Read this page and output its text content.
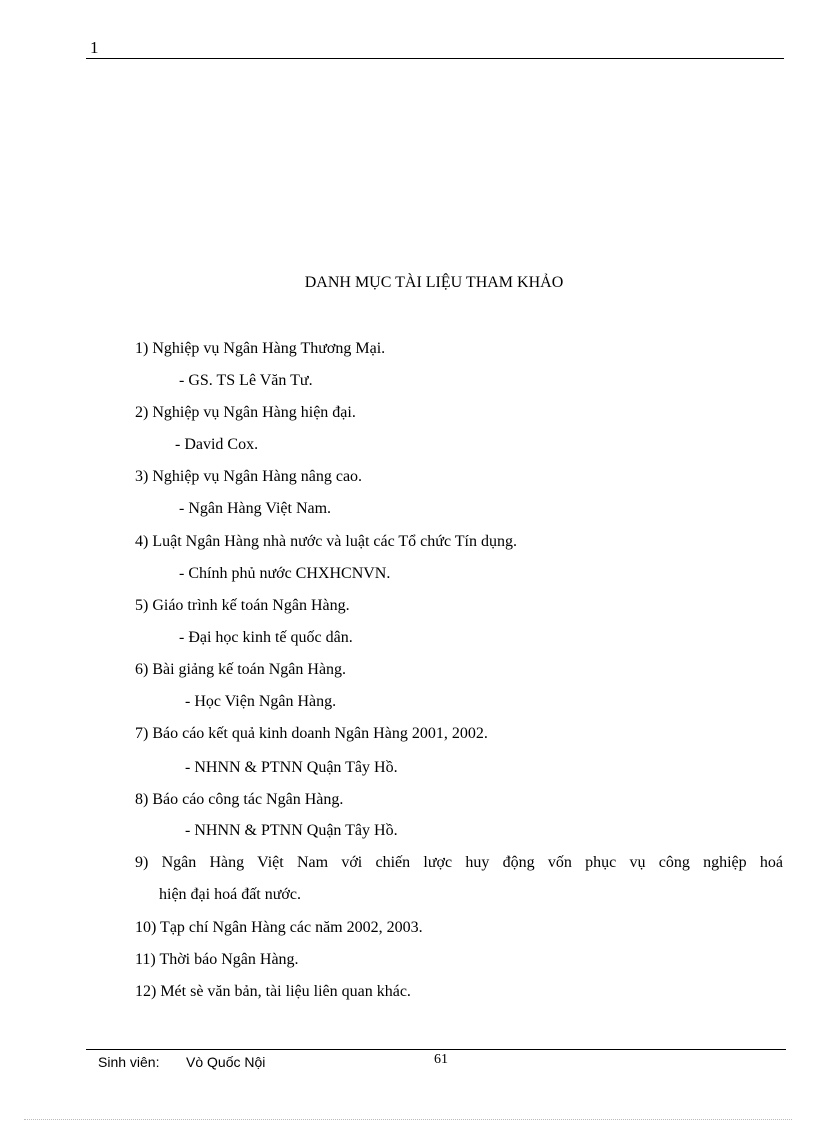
1
DANH MỤC TÀI LIỆU THAM KHẢO
1) Nghiệp vụ Ngân Hàng Thương Mại.
- GS. TS Lê Văn Tư.
2) Nghiệp vụ Ngân Hàng hiện đại.
- David Cox.
3) Nghiệp vụ Ngân Hàng nâng cao.
- Ngân Hàng Việt Nam.
4) Luật Ngân Hàng nhà nước và luật các Tổ chức Tín dụng.
- Chính phủ nước CHXHCNVN.
5) Giáo trình kế toán Ngân Hàng.
- Đại học kinh tế quốc dân.
6) Bài giảng kế toán Ngân Hàng.
- Học Viện Ngân Hàng.
7) Báo cáo kết quả kinh doanh Ngân Hàng 2001, 2002.
- NHNN & PTNN Quận Tây Hồ.
8) Báo cáo công tác Ngân Hàng.
- NHNN & PTNN Quận Tây Hồ.
9) Ngân Hàng Việt Nam với chiến lược huy động vốn phục vụ công nghiệp hoá
hiện đại hoá đất nước.
10) Tạp chí Ngân Hàng các năm 2002, 2003.
11) Thời báo Ngân Hàng.
12) Mét sè văn bản, tài liệu liên quan khác.
Sinh viên: Vò Quốc Nội	61
